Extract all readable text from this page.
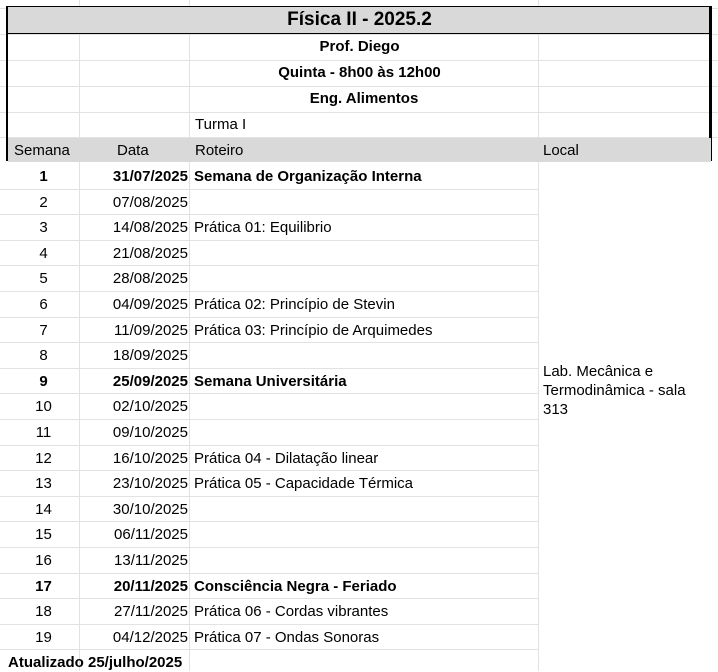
Física II - 2025.2
Prof. Diego
Quinta - 8h00 às 12h00
Eng. Alimentos
Turma I
Semana	Data	Roteiro	Local
1	31/07/2025 Semana de Organização Interna
2	07/08/2025
3	14/08/2025 Prática 01: Equilibrio
4	21/08/2025
5	28/08/2025
6	04/09/2025 Prática 02: Princípio de Stevin
7	11/09/2025 Prática 03: Princípio de Arquimedes
8	18/09/2025
9	25/09/2025 Semana Universitária
10	02/10/2025
11	09/10/2025
12	16/10/2025 Prática 04 - Dilatação linear
13	23/10/2025 Prática 05 - Capacidade Térmica
14	30/10/2025
15	06/11/2025
16	13/11/2025
17	20/11/2025 Consciência Negra - Feriado
18	27/11/2025 Prática 06 - Cordas vibrantes
19	04/12/2025 Prática 07 - Ondas Sonoras
Lab. Mecânica e Termodinâmica - sala 313
Atualizado 25/julho/2025
